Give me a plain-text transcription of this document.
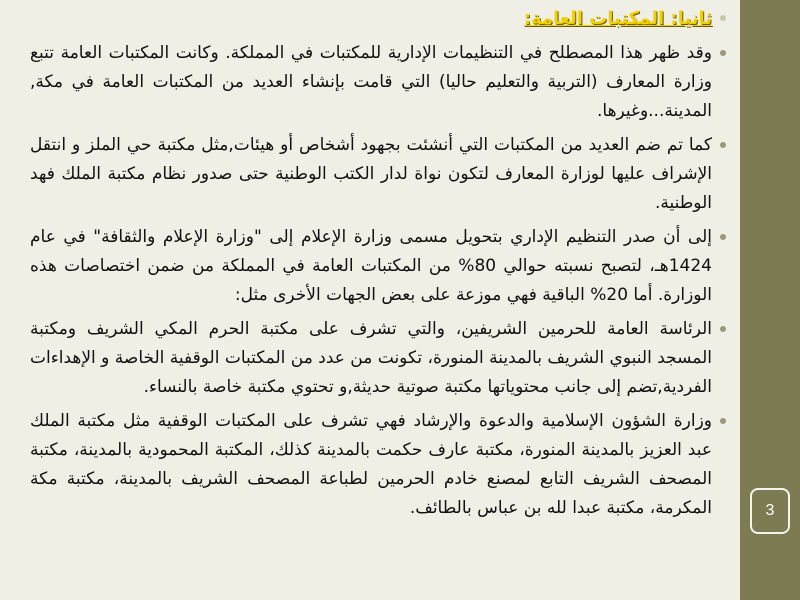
ثانيا: المكتبات العامة:
وقد ظهر هذا المصطلح في التنظيمات الإدارية للمكتبات في المملكة. وكانت المكتبات العامة تتبع وزارة المعارف (التربية والتعليم حاليا) التي قامت بإنشاء العديد من المكتبات العامة في مكة, المدينة...وغيرها.
كما تم ضم العديد من المكتبات التي أنشئت بجهود أشخاص أو هيئات,مثل مكتبة حي الملز و انتقل الإشراف عليها لوزارة المعارف لتكون نواة لدار الكتب الوطنية حتى صدور نظام مكتبة الملك فهد الوطنية.
إلى أن صدر التنظيم الإداري بتحويل مسمى وزارة الإعلام إلى "وزارة الإعلام والثقافة" في عام 1424هـ، لتصبح نسبته حوالي 80% من المكتبات العامة في المملكة من ضمن اختصاصات هذه الوزارة. أما 20% الباقية فهي موزعة على بعض الجهات الأخرى مثل:
الرئاسة العامة للحرمين الشريفين، والتي تشرف على مكتبة الحرم المكي الشريف ومكتبة المسجد النبوي الشريف بالمدينة المنورة، تكونت من عدد من المكتبات الوقفية الخاصة و الإهداءات الفردية,تضم إلى جانب محتوياتها مكتبة صوتية حديثة,و تحتوي مكتبة خاصة بالنساء.
وزارة الشؤون الإسلامية والدعوة والإرشاد فهي تشرف على المكتبات الوقفية مثل مكتبة الملك عبد العزيز بالمدينة المنورة، مكتبة عارف حكمت بالمدينة كذلك، المكتبة المحمودية بالمدينة، مكتبة المصحف الشريف التابع لمصنع خادم الحرمين لطباعة المصحف الشريف بالمدينة، مكتبة مكة المكرمة، مكتبة عبدا لله بن عباس بالطائف.	3
